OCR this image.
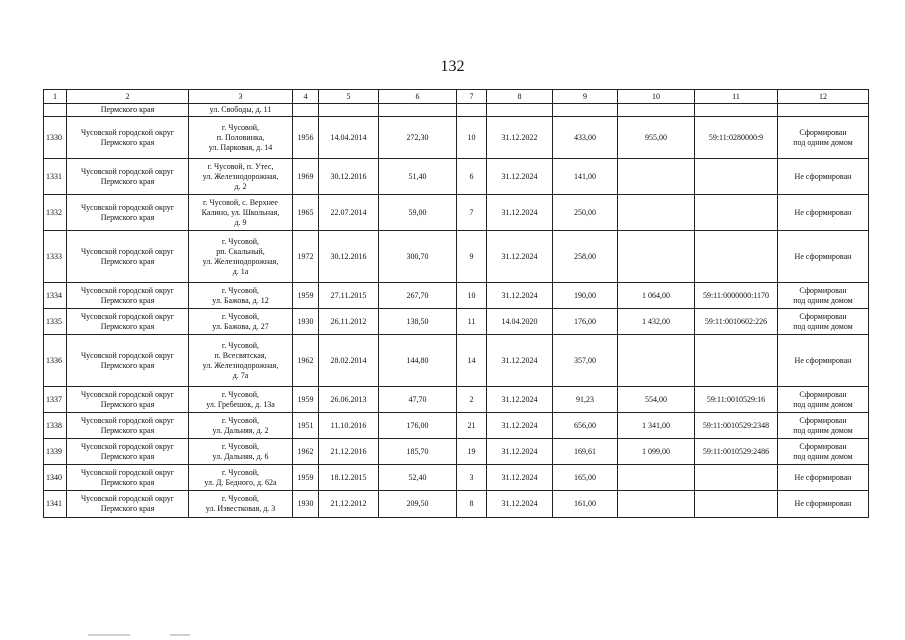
132
1	2	3	4	5	6	7	8	9	10	11	12

	Пермского края	ул. Свободы, д. 11									

1330	Чусовской городской округ
Пермского края	г. Чусовой,
п. Половинка,
ул. Парковая, д. 14	1956	14.04.2014	272,30	10	31.12.2022	433,00	955,00	59:11:0280000:9	Сформирован
под одним домом

1331	Чусовской городской округ
Пермского края	г. Чусовой, п. Утес,
ул. Железнодорожная,
д. 2	1969	30.12.2016	51,40	6	31.12.2024	141,00			Не сформирован

1332	Чусовской городской округ
Пермского края	г. Чусовой, с. Верхнее
Калино, ул. Школьная,
д. 9	1965	22.07.2014	59,00	7	31.12.2024	250,00			Не сформирован

1333	Чусовской городской округ
Пермского края	г. Чусовой,
рп. Скальный,
ул. Железнодорожная,
д. 1а	1972	30.12.2016	300,70	9	31.12.2024	258,00			Не сформирован

1334	Чусовской городской округ
Пермского края	г. Чусовой,
ул. Бажова, д. 12	1959	27.11.2015	267,70	10	31.12.2024	190,00	1 064,00	59:11:0000000:1170	Сформирован
под одним домом

1335	Чусовской городской округ
Пермского края	г. Чусовой,
ул. Бажова, д. 27	1930	26.11.2012	138,50	11	14.04.2020	176,00	1 432,00	59:11:0010602:226	Сформирован
под одним домом

1336	Чусовской городской округ
Пермского края	г. Чусовой,
п. Всесвятская,
ул. Железнодорожная,
д. 7а	1962	28.02.2014	144,80	14	31.12.2024	357,00			Не сформирован

1337	Чусовской городской округ
Пермского края	г. Чусовой,
ул. Гребешок, д. 13а	1959	26.06.2013	47,70	2	31.12.2024	91,23	554,00	59:11:0010529:16	Сформирован
под одним домом

1338	Чусовской городской округ
Пермского края	г. Чусовой,
ул. Дальняя, д. 2	1951	11.10.2016	176,00	21	31.12.2024	656,00	1 341,00	59:11:0010529:2348	Сформирован
под одним домом

1339	Чусовской городской округ
Пермского края	г. Чусовой,
ул. Дальняя, д. 6	1962	21.12.2016	185,70	19	31.12.2024	169,61	1 099,00	59:11:0010529:2486	Сформирован
под одним домом

1340	Чусовской городской округ
Пермского края	г. Чусовой,
ул. Д. Бедного, д. 62а	1959	18.12.2015	52,40	3	31.12.2024	165,00			Не сформирован

1341	Чусовской городской округ
Пермского края	г. Чусовой,
ул. Известковая, д. 3	1930	21.12.2012	209,50	8	31.12.2024	161,00			Не сформирован
